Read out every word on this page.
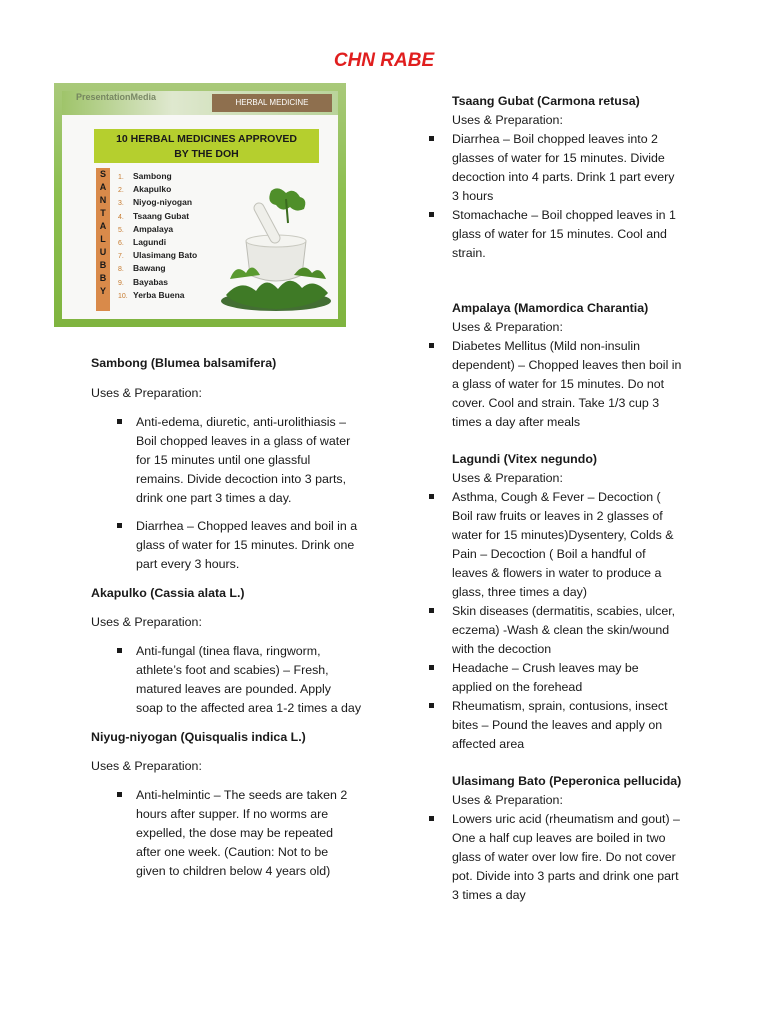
CHN RABE
PresentationMedia
HERBAL MEDICINE
10 HERBAL MEDICINES APPROVED
BY THE DOH
S
A
N
T
A
L
U
B
B
Y
1. Sambong
2. Akapulko
3. Niyog-niyogan
4. Tsaang Gubat
5. Ampalaya
6. Lagundi
7. Ulasimang Bato
8. Bawang
9. Bayabas
10. Yerba Buena

Sambong (Blumea balsamifera)

Uses & Preparation:

Anti-edema, diuretic, anti-urolithiasis – Boil chopped leaves in a glass of water for 15 minutes until one glassful remains. Divide decoction into 3 parts, drink one part 3 times a day.
Diarrhea – Chopped leaves and boil in a glass of water for 15 minutes. Drink one part every 3 hours.

Akapulko (Cassia alata L.)

Uses & Preparation:

Anti-fungal (tinea flava, ringworm, athlete’s foot and scabies) – Fresh, matured leaves are pounded. Apply soap to the affected area 1-2 times a day

Niyug-niyogan (Quisqualis indica L.)

Uses & Preparation:

Anti-helmintic – The seeds are taken 2 hours after supper. If no worms are expelled, the dose may be repeated after one week. (Caution: Not to be given to children below 4 years old)

Tsaang Gubat (Carmona retusa)

Uses & Preparation:

Diarrhea – Boil chopped leaves into 2 glasses of water for 15 minutes. Divide decoction into 4 parts. Drink 1 part every 3 hours
Stomachache – Boil chopped leaves in 1 glass of water for 15 minutes. Cool and strain.

Ampalaya (Mamordica Charantia)

Uses & Preparation:

Diabetes Mellitus (Mild non-insulin dependent) – Chopped leaves then boil in a glass of water for 15 minutes. Do not cover. Cool and strain. Take 1/3 cup 3 times a day after meals

Lagundi (Vitex negundo)

Uses & Preparation:

Asthma, Cough & Fever – Decoction ( Boil raw fruits or leaves in 2 glasses of water for 15 minutes)Dysentery, Colds & Pain – Decoction ( Boil a handful of leaves & flowers in water to produce a glass, three times a day)
Skin diseases (dermatitis, scabies, ulcer, eczema) -Wash & clean the skin/wound with the decoction
Headache – Crush leaves may be applied on the forehead
Rheumatism, sprain, contusions, insect bites – Pound the leaves and apply on affected area

Ulasimang Bato (Peperonica pellucida)

Uses & Preparation:

Lowers uric acid (rheumatism and gout) – One a half cup leaves are boiled in two glass of water over low fire. Do not cover pot. Divide into 3 parts and drink one part 3 times a day
